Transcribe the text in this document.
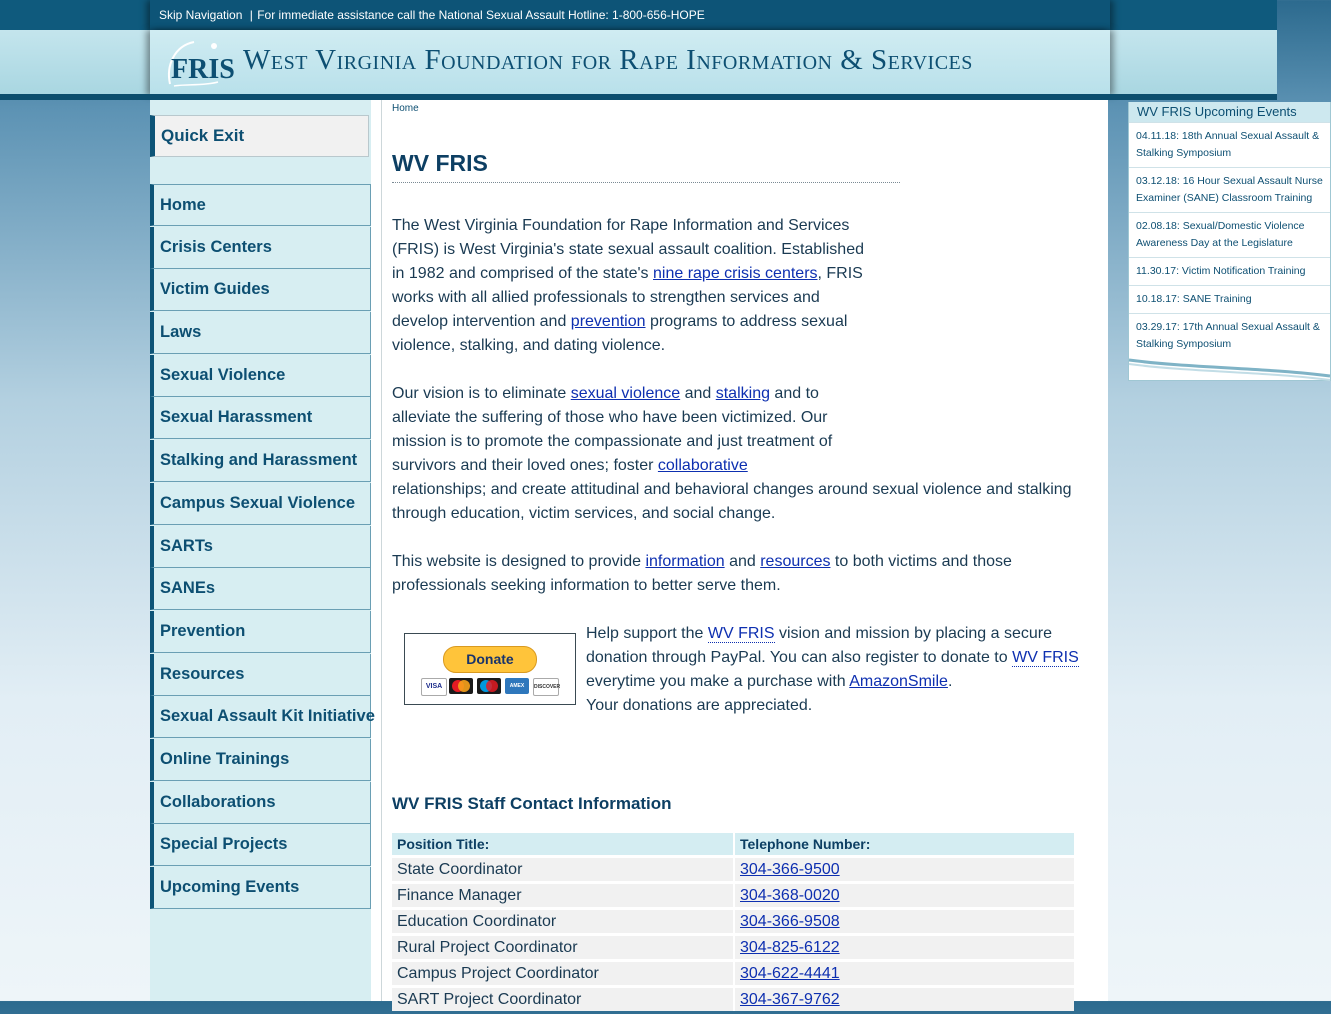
Skip Navigation | For immediate assistance call the National Sexual Assault Hotline: 1-800-656-HOPE
FRIS West Virginia Foundation for Rape Information & Services
Quick Exit
Home
Crisis Centers
Victim Guides
Laws
Sexual Violence
Sexual Harassment
Stalking and Harassment
Campus Sexual Violence
SARTs
SANEs
Prevention
Resources
Sexual Assault Kit Initiative
Online Trainings
Collaborations
Special Projects
Upcoming Events
Home
WV FRIS
The West Virginia Foundation for Rape Information and Services (FRIS) is West Virginia's state sexual assault coalition. Established in 1982 and comprised of the state's nine rape crisis centers, FRIS works with all allied professionals to strengthen services and develop intervention and prevention programs to address sexual violence, stalking, and dating violence.
Our vision is to eliminate sexual violence and stalking and to alleviate the suffering of those who have been victimized. Our mission is to promote the compassionate and just treatment of survivors and their loved ones; foster collaborative relationships; and create attitudinal and behavioral changes around sexual violence and stalking through education, victim services, and social change.
This website is designed to provide information and resources to both victims and those professionals seeking information to better serve them.
Donate
VISA	AMEX	DISCOVER
Help support the WV FRIS vision and mission by placing a secure donation through PayPal. You can also register to donate to WV FRIS everytime you make a purchase with AmazonSmile.
Your donations are appreciated.
WV FRIS Staff Contact Information
Position Title:		Telephone Number:
State Coordinator		304-366-9500
Finance Manager		304-368-0020
Education Coordinator		304-366-9508
Rural Project Coordinator		304-825-6122
Campus Project Coordinator		304-622-4441
SART Project Coordinator		304-367-9762
WV FRIS Upcoming Events
04.11.18: 18th Annual Sexual Assault & Stalking Symposium
03.12.18: 16 Hour Sexual Assault Nurse Examiner (SANE) Classroom Training
02.08.18: Sexual/Domestic Violence Awareness Day at the Legislature
11.30.17: Victim Notification Training
10.18.17: SANE Training
03.29.17: 17th Annual Sexual Assault & Stalking Symposium
